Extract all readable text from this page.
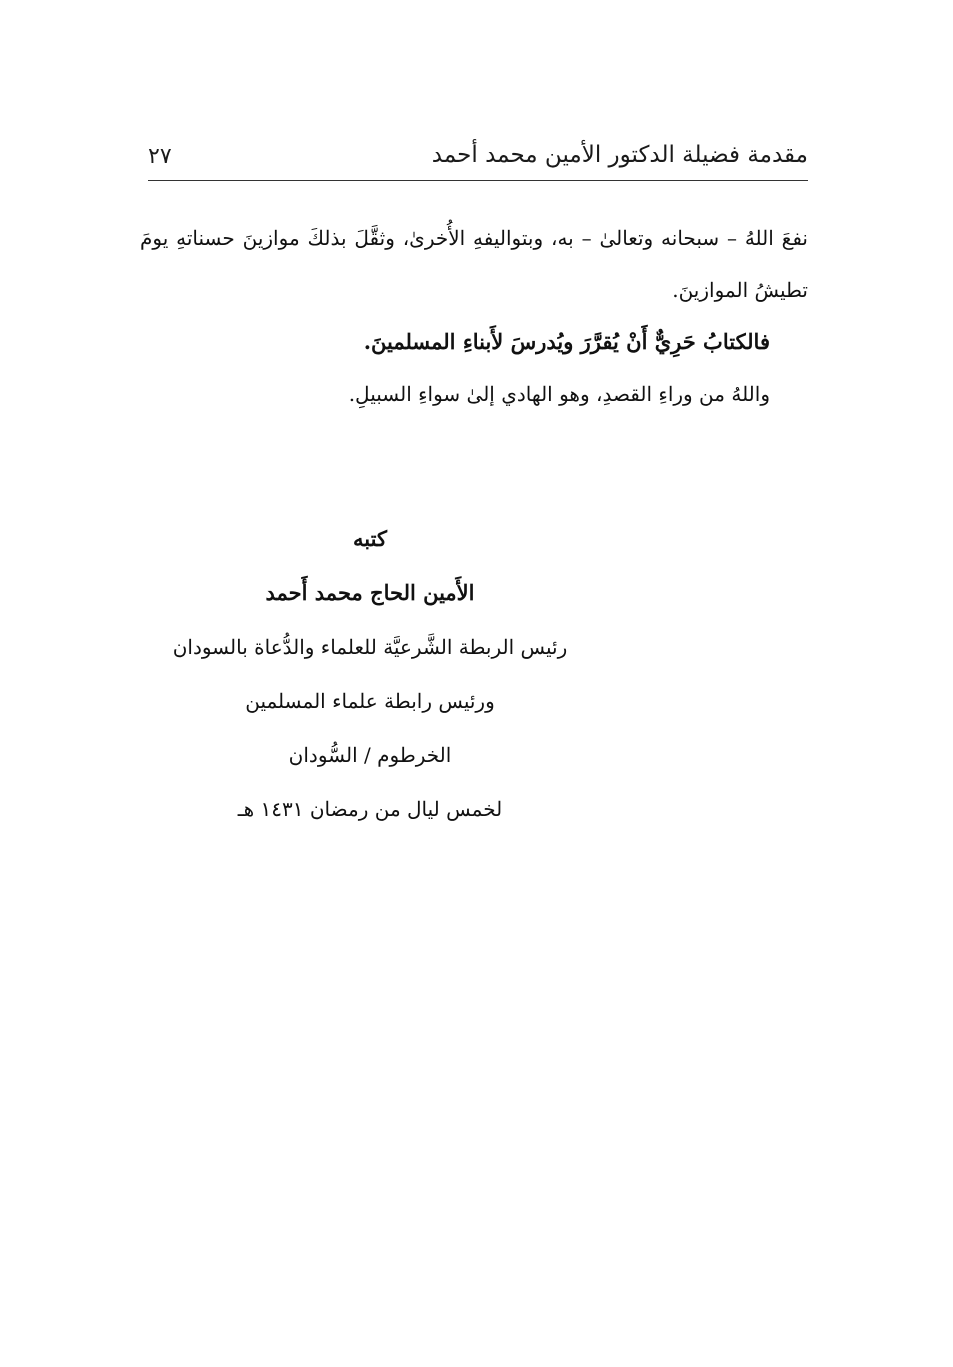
مقدمة فضيلة الدكتور الأمين محمد أحمد
٢٧

نفعَ اللهُ – سبحانه وتعالىٰ – به، وبتواليفهِ الأُخرىٰ، وثقَّلَ بذلكَ موازينَ حسناتهِ يومَ تطيشُ الموازينَ.

فالكتابُ حَرِيٌّ أَنْ يُقرَّرَ ويُدرسَ لأَبناءِ المسلمينَ.

واللهُ من وراءِ القصدِ، وهو الهادي إلىٰ سواءِ السبيلِ.

كتبه
الأَمين الحاج محمد أَحمد
رئيس الربطة الشَّرعيَّة للعلماء والدُّعاة بالسودان
ورئيس رابطة علماء المسلمين
الخرطوم / السُّودان
لخمس ليال من رمضان ١٤٣١ هـ
